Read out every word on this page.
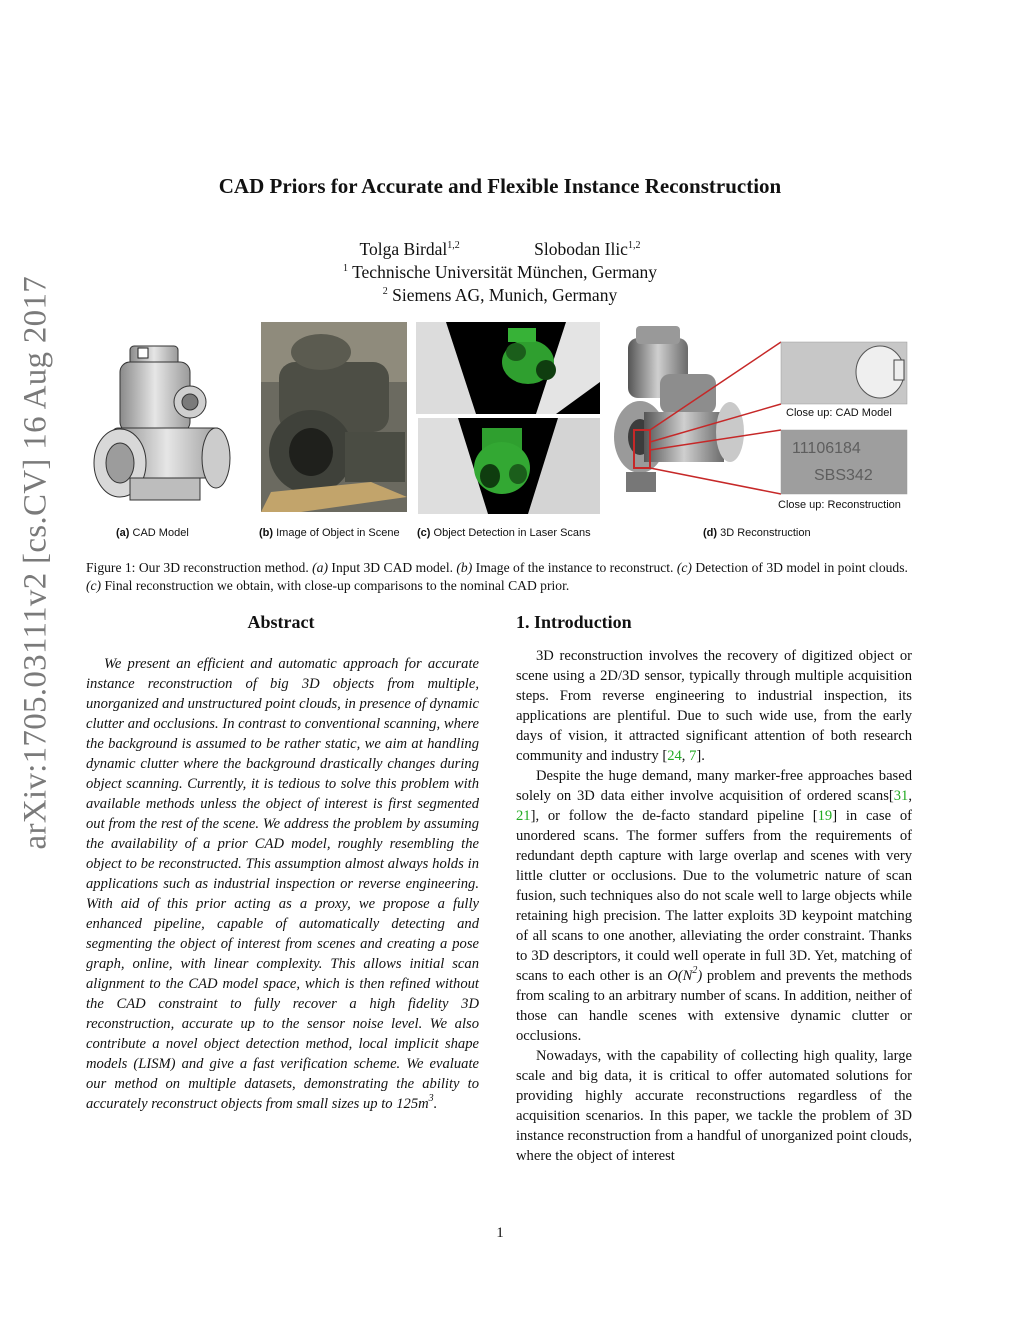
arXiv:1705.03111v2 [cs.CV] 16 Aug 2017
CAD Priors for Accurate and Flexible Instance Reconstruction
Tolga Birdal$^{1,2}$	Slobodan Ilic$^{1,2}$
$^1$ Technische Universität München, Germany
$^2$ Siemens AG, Munich, Germany
11106184
SBS342
Close up: CAD Model
Close up: Reconstruction
(a) CAD Model	(b) Image of Object in Scene (c) Object Detection in Laser Scans	(d) 3D Reconstruction
Figure 1: Our 3D reconstruction method. (a) Input 3D CAD model. (b) Image of the instance to reconstruct. (c) Detection of 3D model in point clouds. (c) Final reconstruction we obtain, with close-up comparisons to the nominal CAD prior.
Abstract
We present an efficient and automatic approach for accurate instance reconstruction of big 3D objects from multiple, unorganized and unstructured point clouds, in presence of dynamic clutter and occlusions. In contrast to conventional scanning, where the background is assumed to be rather static, we aim at handling dynamic clutter where the background drastically changes during object scanning. Currently, it is tedious to solve this problem with available methods unless the object of interest is first segmented out from the rest of the scene. We address the problem by assuming the availability of a prior CAD model, roughly resembling the object to be reconstructed. This assumption almost always holds in applications such as industrial inspection or reverse engineering. With aid of this prior acting as a proxy, we propose a fully enhanced pipeline, capable of automatically detecting and segmenting the object of interest from scenes and creating a pose graph, online, with linear complexity. This allows initial scan alignment to the CAD model space, which is then refined without the CAD constraint to fully recover a high fidelity 3D reconstruction, accurate up to the sensor noise level. We also contribute a novel object detection method, local implicit shape models (LISM) and give a fast verification scheme. We evaluate our method on multiple datasets, demonstrating the ability to accurately reconstruct objects from small sizes up to $125m^3$.
1. Introduction

3D reconstruction involves the recovery of digitized object or scene using a 2D/3D sensor, typically through multiple acquisition steps. From reverse engineering to industrial inspection, its applications are plentiful. Due to such wide use, from the early days of vision, it attracted significant attention of both research community and industry [24, 7].

Despite the huge demand, many marker-free approaches based solely on 3D data either involve acquisition of ordered scans[31, 21], or follow the de-facto standard pipeline [19] in case of unordered scans. The former suffers from the requirements of redundant depth capture with large overlap and scenes with very little clutter or occlusions. Due to the volumetric nature of scan fusion, such techniques also do not scale well to large objects while retaining high precision. The latter exploits 3D keypoint matching of all scans to one another, alleviating the order constraint. Thanks to 3D descriptors, it could well operate in full 3D. Yet, matching of scans to each other is an $O(N^2)$ problem and prevents the methods from scaling to an arbitrary number of scans. In addition, neither of those can handle scenes with extensive dynamic clutter or occlusions.

Nowadays, with the capability of collecting high quality, large scale and big data, it is critical to offer automated solutions for providing highly accurate reconstructions regardless of the acquisition scenarios. In this paper, we tackle the problem of 3D instance reconstruction from a handful of unorganized point clouds, where the object of interest

1
